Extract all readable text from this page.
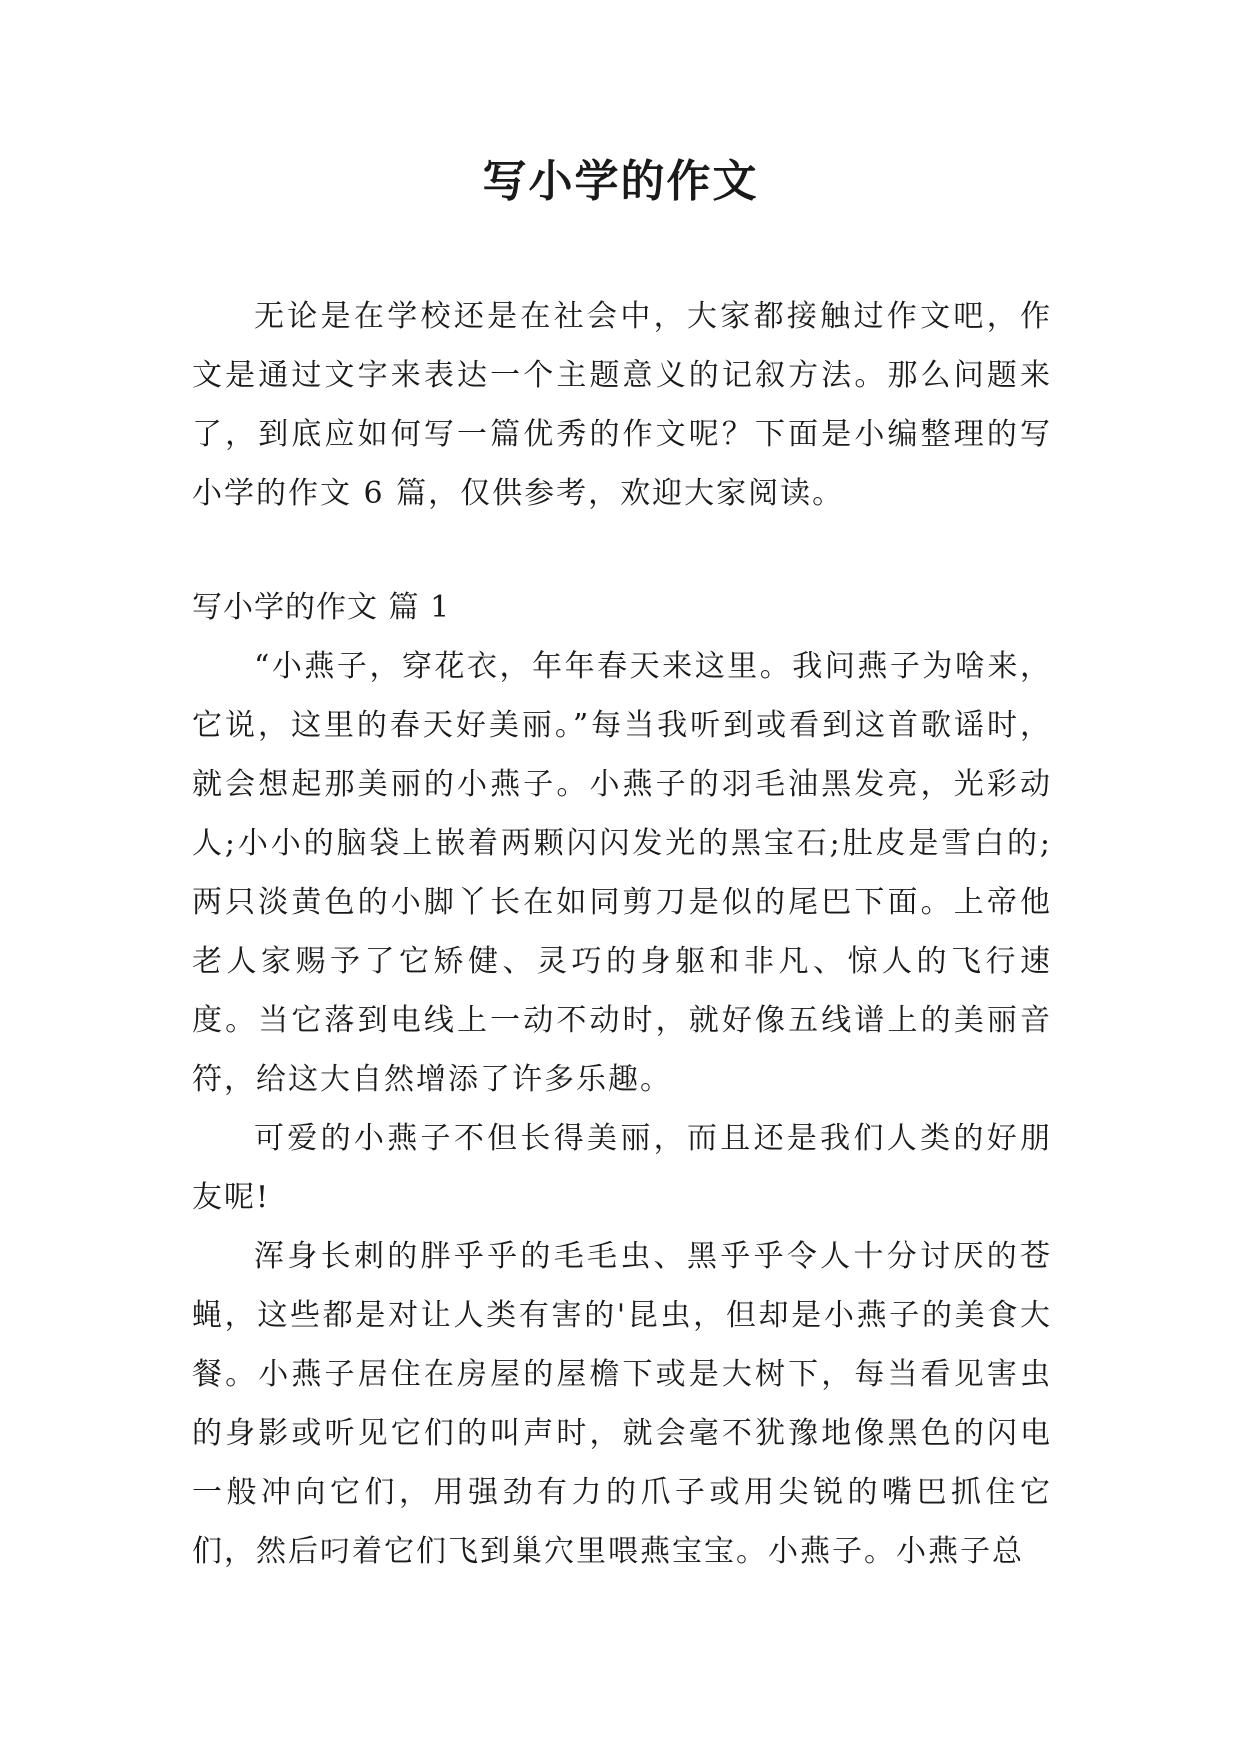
写小学的作文

无论是在学校还是在社会中，大家都接触过作文吧，作文是通过文字来表达一个主题意义的记叙方法。那么问题来了，到底应如何写一篇优秀的作文呢？下面是小编整理的写小学的作文 6 篇，仅供参考，欢迎大家阅读。

写小学的作文 篇 1

“小燕子，穿花衣，年年春天来这里。我问燕子为啥来，它说，这里的春天好美丽。”每当我听到或看到这首歌谣时，就会想起那美丽的小燕子。小燕子的羽毛油黑发亮，光彩动人;小小的脑袋上嵌着两颗闪闪发光的黑宝石;肚皮是雪白的;两只淡黄色的小脚丫长在如同剪刀是似的尾巴下面。上帝他老人家赐予了它矫健、灵巧的身躯和非凡、惊人的飞行速度。当它落到电线上一动不动时，就好像五线谱上的美丽音符，给这大自然增添了许多乐趣。

可爱的小燕子不但长得美丽，而且还是我们人类的好朋友呢!

浑身长刺的胖乎乎的毛毛虫、黑乎乎令人十分讨厌的苍蝇，这些都是对让人类有害的'昆虫，但却是小燕子的美食大餐。小燕子居住在房屋的屋檐下或是大树下，每当看见害虫的身影或听见它们的叫声时，就会毫不犹豫地像黑色的闪电一般冲向它们，用强劲有力的爪子或用尖锐的嘴巴抓住它们，然后叼着它们飞到巢穴里喂燕宝宝。小燕子。小燕子总
